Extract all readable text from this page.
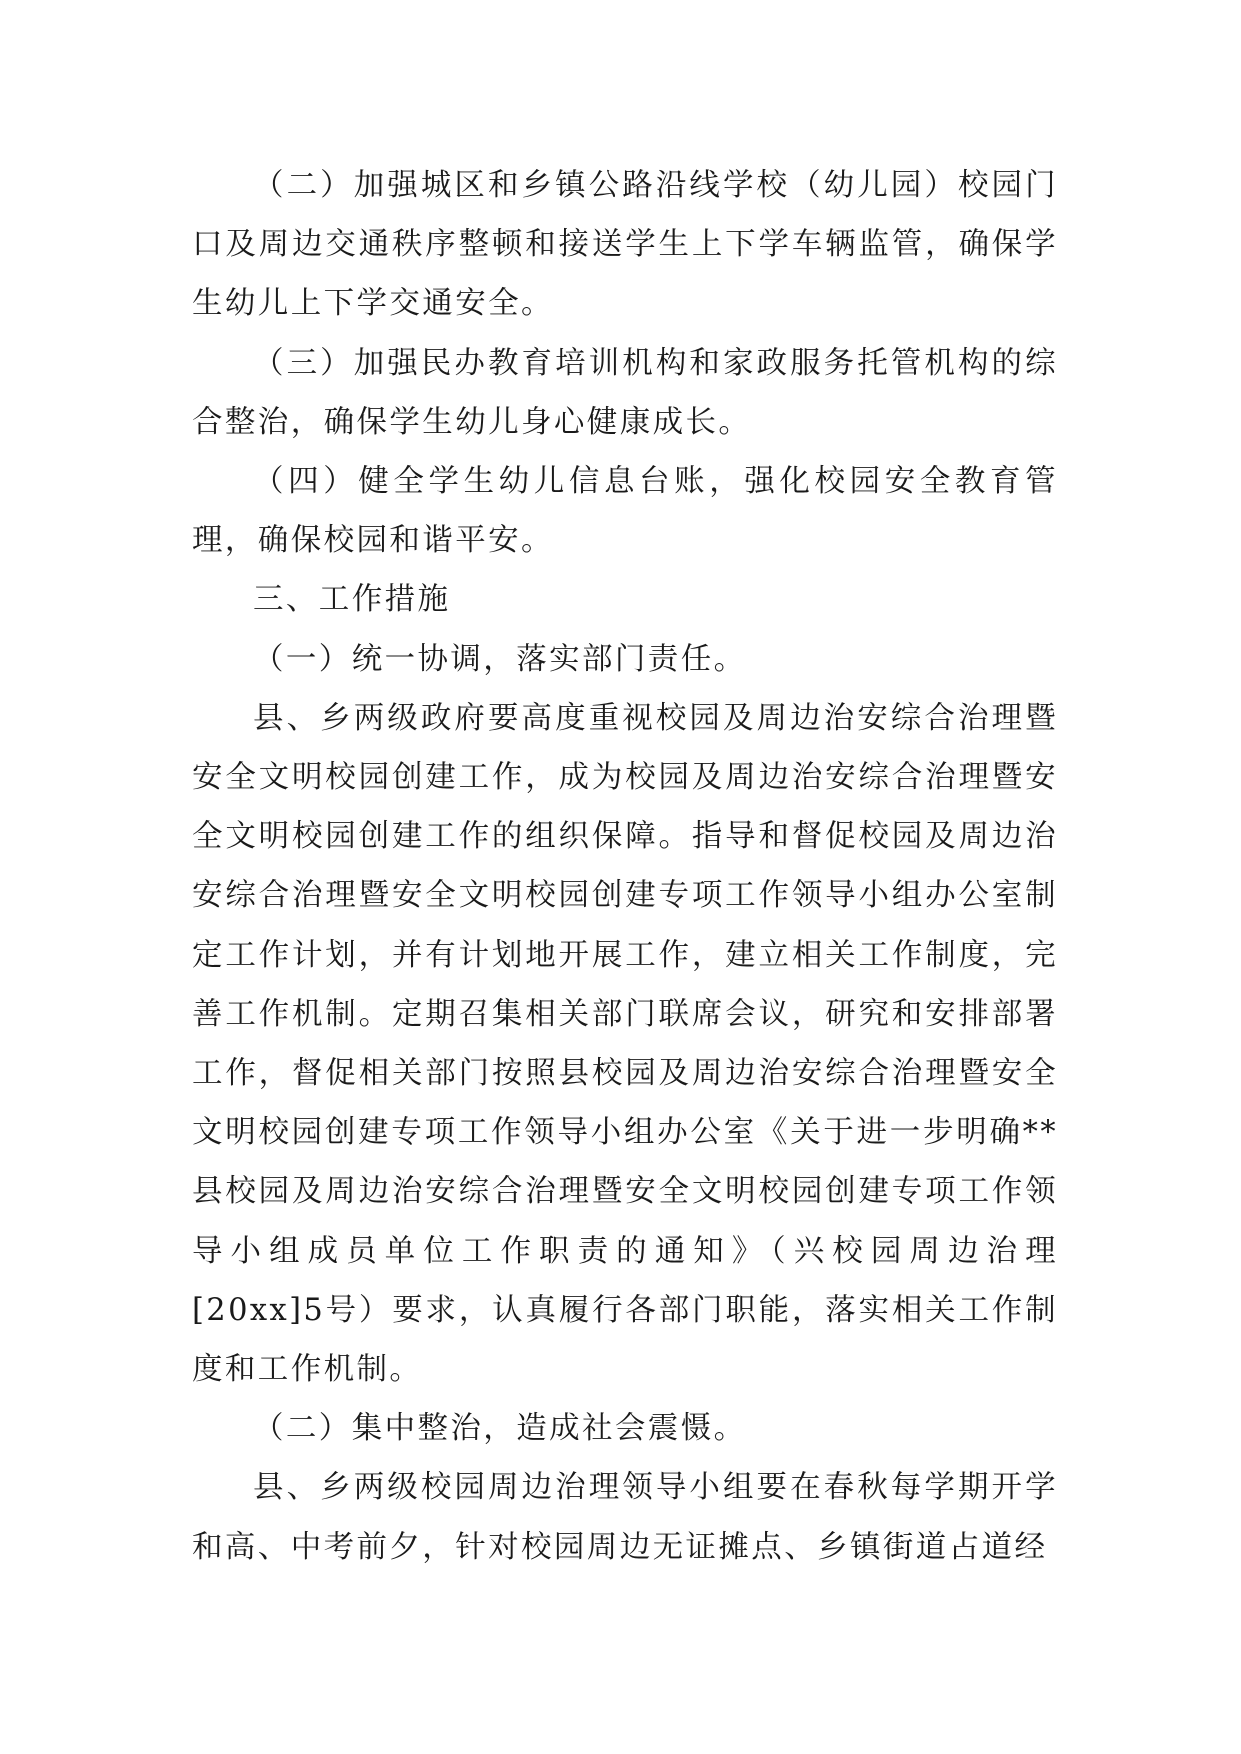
（二）加强城区和乡镇公路沿线学校（幼儿园）校园门口及周边交通秩序整顿和接送学生上下学车辆监管，确保学生幼儿上下学交通安全。

（三）加强民办教育培训机构和家政服务托管机构的综合整治，确保学生幼儿身心健康成长。

（四）健全学生幼儿信息台账，强化校园安全教育管理，确保校园和谐平安。

三、工作措施

（一）统一协调，落实部门责任。

县、乡两级政府要高度重视校园及周边治安综合治理暨安全文明校园创建工作，成为校园及周边治安综合治理暨安全文明校园创建工作的组织保障。指导和督促校园及周边治安综合治理暨安全文明校园创建专项工作领导小组办公室制定工作计划，并有计划地开展工作，建立相关工作制度，完善工作机制。定期召集相关部门联席会议，研究和安排部署工作，督促相关部门按照县校园及周边治安综合治理暨安全文明校园创建专项工作领导小组办公室《关于进一步明确**县校园及周边治安综合治理暨安全文明校园创建专项工作领导小组成员单位工作职责的通知》（兴校园周边治理[20xx]5号）要求，认真履行各部门职能，落实相关工作制度和工作机制。

（二）集中整治，造成社会震慑。

县、乡两级校园周边治理领导小组要在春秋每学期开学和高、中考前夕，针对校园周边无证摊点、乡镇街道占道经
